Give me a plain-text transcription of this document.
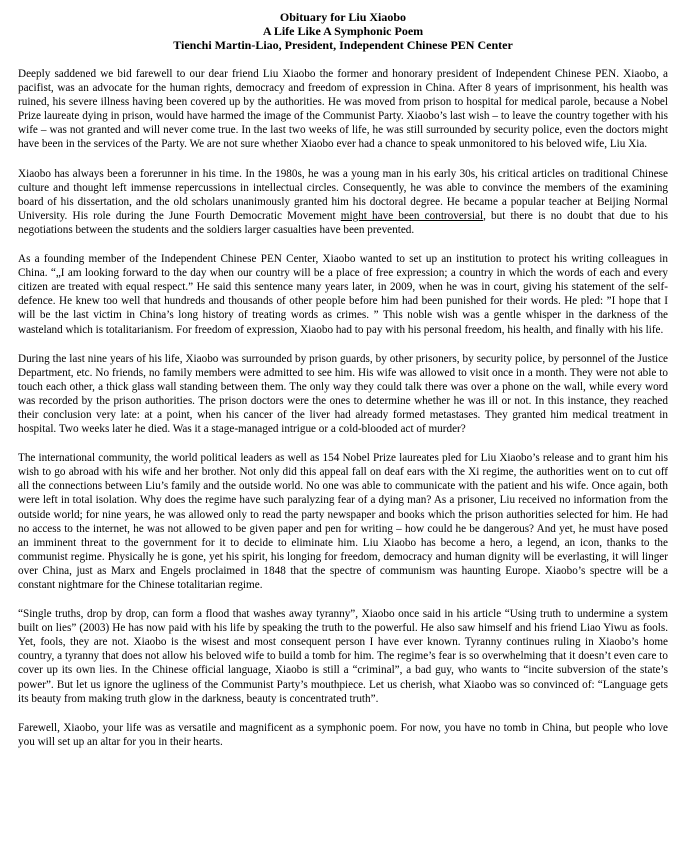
Obituary for Liu Xiaobo
A Life Like A Symphonic Poem
Tienchi Martin-Liao, President, Independent Chinese PEN Center

Deeply saddened we bid farewell to our dear friend Liu Xiaobo the former and honorary president of Independent Chinese PEN. Xiaobo, a pacifist, was an advocate for the human rights, democracy and freedom of expression in China. After 8 years of imprisonment, his health was ruined, his severe illness having been covered up by the authorities. He was moved from prison to hospital for medical parole, because a Nobel Prize laureate dying in prison, would have harmed the image of the Communist Party. Xiaobo’s last wish – to leave the country together with his wife – was not granted and will never come true. In the last two weeks of life, he was still surrounded by security police, even the doctors might have been in the services of the Party. We are not sure whether Xiaobo ever had a chance to speak unmonitored to his beloved wife, Liu Xia.

Xiaobo has always been a forerunner in his time. In the 1980s, he was a young man in his early 30s, his critical articles on traditional Chinese culture and thought left immense repercussions in intellectual circles. Consequently, he was able to convince the members of the examining board of his dissertation, and the old scholars unanimously granted him his doctoral degree. He became a popular teacher at Beijing Normal University. His role during the June Fourth Democratic Movement might have been controversial, but there is no doubt that due to his negotiations between the students and the soldiers larger casualties have been prevented.

As a founding member of the Independent Chinese PEN Center, Xiaobo wanted to set up an institution to protect his writing colleagues in China. “„I am looking forward to the day when our country will be a place of free expression; a country in which the words of each and every citizen are treated with equal respect.” He said this sentence many years later, in 2009, when he was in court, giving his statement of the self-defence. He knew too well that hundreds and thousands of other people before him had been punished for their words. He pled: ”I hope that I will be the last victim in China’s long history of treating words as crimes. ” This noble wish was a gentle whisper in the darkness of the wasteland which is totalitarianism. For freedom of expression, Xiaobo had to pay with his personal freedom, his health, and finally with his life.

During the last nine years of his life, Xiaobo was surrounded by prison guards, by other prisoners, by security police, by personnel of the Justice Department, etc. No friends, no family members were admitted to see him. His wife was allowed to visit once in a month. They were not able to touch each other, a thick glass wall standing between them. The only way they could talk there was over a phone on the wall, while every word was recorded by the prison authorities. The prison doctors were the ones to determine whether he was ill or not. In this instance, they reached their conclusion very late: at a point, when his cancer of the liver had already formed metastases. They granted him medical treatment in hospital. Two weeks later he died. Was it a stage-managed intrigue or a cold-blooded act of murder?

The international community, the world political leaders as well as 154 Nobel Prize laureates pled for Liu Xiaobo’s release and to grant him his wish to go abroad with his wife and her brother. Not only did this appeal fall on deaf ears with the Xi regime, the authorities went on to cut off all the connections between Liu’s family and the outside world. No one was able to communicate with the patient and his wife. Once again, both were left in total isolation. Why does the regime have such paralyzing fear of a dying man? As a prisoner, Liu received no information from the outside world; for nine years, he was allowed only to read the party newspaper and books which the prison authorities selected for him. He had no access to the internet, he was not allowed to be given paper and pen for writing – how could he be dangerous? And yet, he must have posed an imminent threat to the government for it to decide to eliminate him. Liu Xiaobo has become a hero, a legend, an icon, thanks to the communist regime. Physically he is gone, yet his spirit, his longing for freedom, democracy and human dignity will be everlasting, it will linger over China, just as Marx and Engels proclaimed in 1848 that the spectre of communism was haunting Europe. Xiaobo’s spectre will be a constant nightmare for the Chinese totalitarian regime.

“Single truths, drop by drop, can form a flood that washes away tyranny”, Xiaobo once said in his article “Using truth to undermine a system built on lies” (2003) He has now paid with his life by speaking the truth to the powerful. He also saw himself and his friend Liao Yiwu as fools. Yet, fools, they are not. Xiaobo is the wisest and most consequent person I have ever known. Tyranny continues ruling in Xiaobo’s home country, a tyranny that does not allow his beloved wife to build a tomb for him. The regime’s fear is so overwhelming that it doesn’t even care to cover up its own lies. In the Chinese official language, Xiaobo is still a “criminal”, a bad guy, who wants to “incite subversion of the state’s power”. But let us ignore the ugliness of the Communist Party’s mouthpiece. Let us cherish, what Xiaobo was so convinced of: “Language gets its beauty from making truth glow in the darkness, beauty is concentrated truth”.

Farewell, Xiaobo, your life was as versatile and magnificent as a symphonic poem. For now, you have no tomb in China, but people who love you will set up an altar for you in their hearts.
